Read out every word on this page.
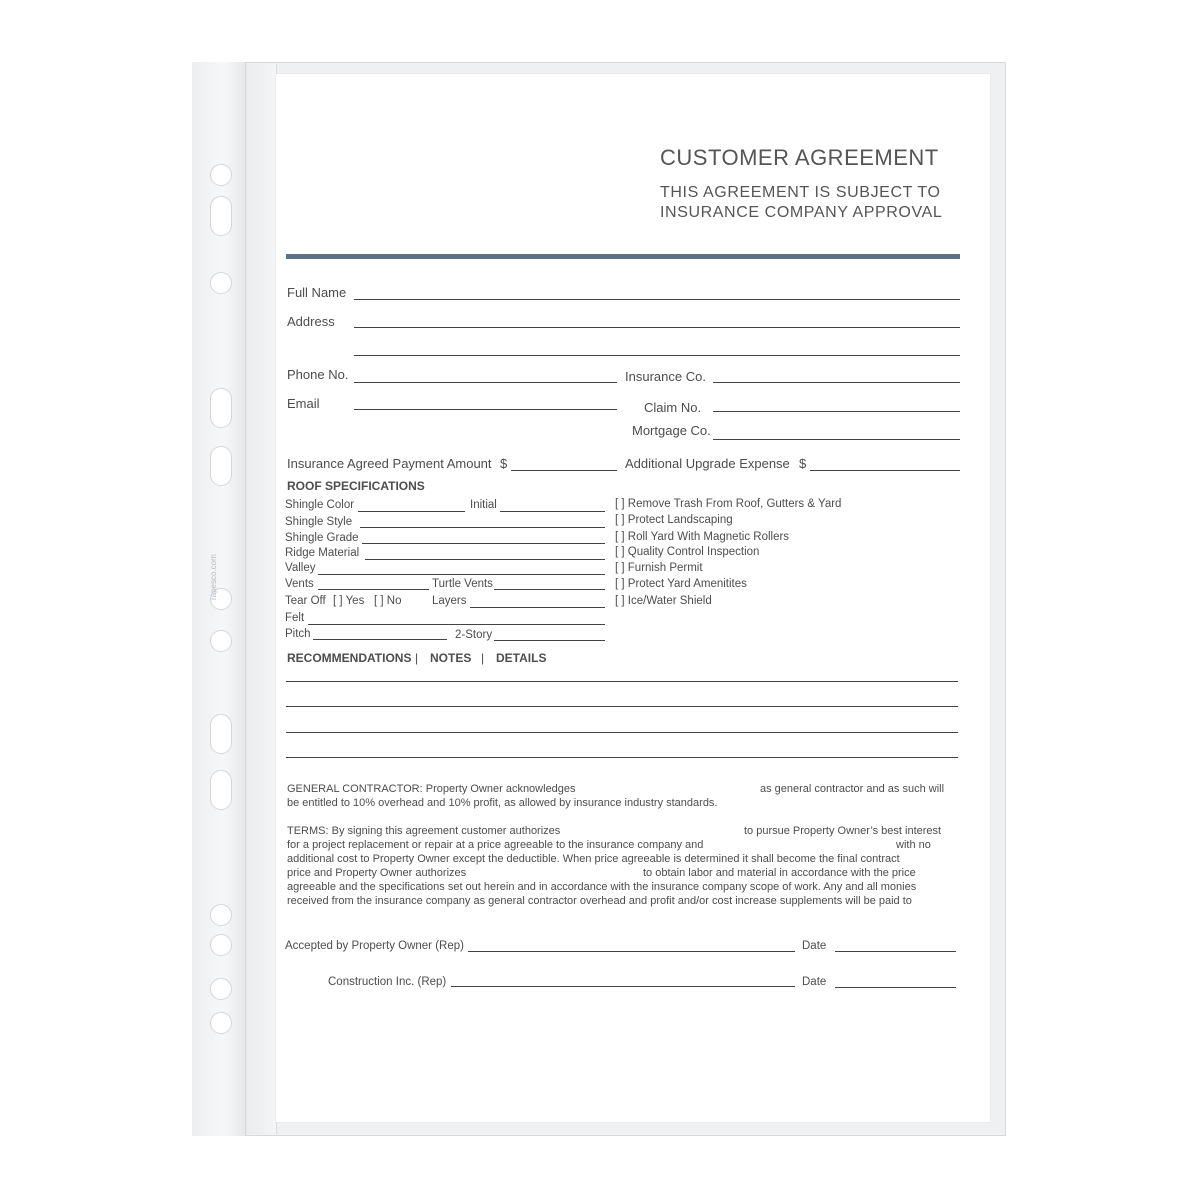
rapesco.com
CUSTOMER AGREEMENT
THIS AGREEMENT IS SUBJECT TO
INSURANCE COMPANY APPROVAL
Full Name
Address
Phone No.	Insurance Co.
Email	Claim No.
Mortgage Co.
Insurance Agreed Payment Amount $	Additional Upgrade Expense $
ROOF SPECIFICATIONS
Shingle Color	Initial
Shingle Style
Shingle Grade
Ridge Material
Valley
Vents	Turtle Vents
Tear Off [ ] Yes [ ] No	Layers
Felt
Pitch	2-Story
[ ] Remove Trash From Roof, Gutters & Yard
[ ] Protect Landscaping
[ ] Roll Yard With Magnetic Rollers
[ ] Quality Control Inspection
[ ] Furnish Permit
[ ] Protect Yard Amenitites
[ ] Ice/Water Shield
RECOMMENDATIONS | NOTES | DETAILS
GENERAL CONTRACTOR: Property Owner acknowledges	as general contractor and as such will
be entitled to 10% overhead and 10% profit, as allowed by insurance industry standards.
TERMS: By signing this agreement customer authorizes	to pursue Property Owner’s best interest
for a project replacement or repair at a price agreeable to the insurance company and	with no
additional cost to Property Owner except the deductible. When price agreeable is determined it shall become the final contract
price and Property Owner authorizes	to obtain labor and material in accordance with the price
agreeable and the specifications set out herein and in accordance with the insurance company scope of work. Any and all monies
received from the insurance company as general contractor overhead and profit and/or cost increase supplements will be paid to
Accepted by Property Owner (Rep)	Date
Construction Inc. (Rep)	Date
